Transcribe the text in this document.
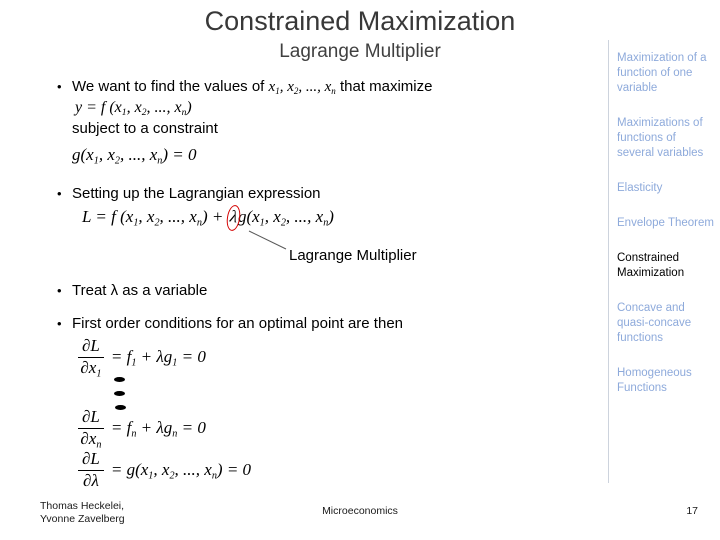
Constrained Maximization
Lagrange Multiplier
• We want to find the values of $x_1$, $x_2$, ..., $x_n$ that maximize
y = f ($x_1$, $x_2$, ..., $x_n$)
subject to a constraint
$g(x_1$, $x_2$, ..., $x_n) = 0$
• Setting up the Lagrangian expression
L = f ($x_1$, $x_2$, ..., $x_n) + \lambda g(x_1$, $x_2$, ..., $x_n$)
Lagrange Multiplier
• Treat λ as a variable
• First order conditions for an optimal point are then
$\frac{\partial L}{\partial x_1} = f_1 + \lambda g_1 = 0$
$\frac{\partial L}{\partial x_n} = f_n + \lambda g_n = 0$
$\frac{\partial L}{\partial\lambda} = g(x_1$, $x_2$, ..., $x_n) = 0$
Maximization of a function of one variable
Maximizations of functions of several variables
Elasticity
Envelope Theorem
Constrained Maximization
Concave and quasi-concave functions
Homogeneous Functions
Thomas Heckelei,
Yvonne Zavelberg
Microeconomics	17
